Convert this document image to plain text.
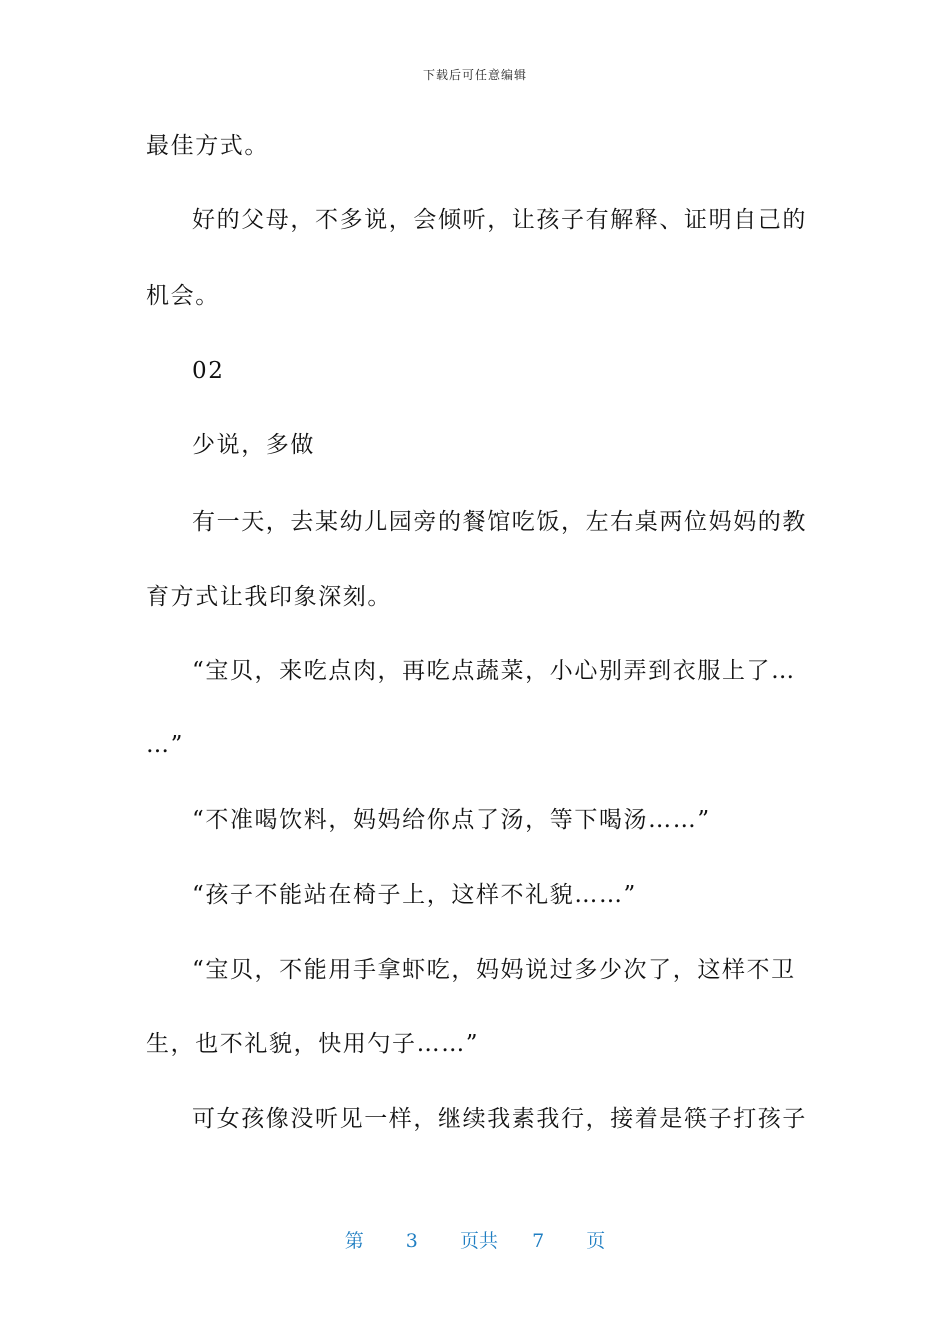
下载后可任意编辑
最佳方式。
好的父母，不多说，会倾听，让孩子有解释、证明自己的
机会。
02
少说，多做
有一天，去某幼儿园旁的餐馆吃饭，左右桌两位妈妈的教
育方式让我印象深刻。
“宝贝，来吃点肉，再吃点蔬菜，小心别弄到衣服上了…
…”
“不准喝饮料，妈妈给你点了汤，等下喝汤……”
“孩子不能站在椅子上，这样不礼貌……”
“宝贝，不能用手拿虾吃，妈妈说过多少次了，这样不卫
生，也不礼貌，快用勺子……”
可女孩像没听见一样，继续我素我行，接着是筷子打孩子
第 3 页共 7 页
